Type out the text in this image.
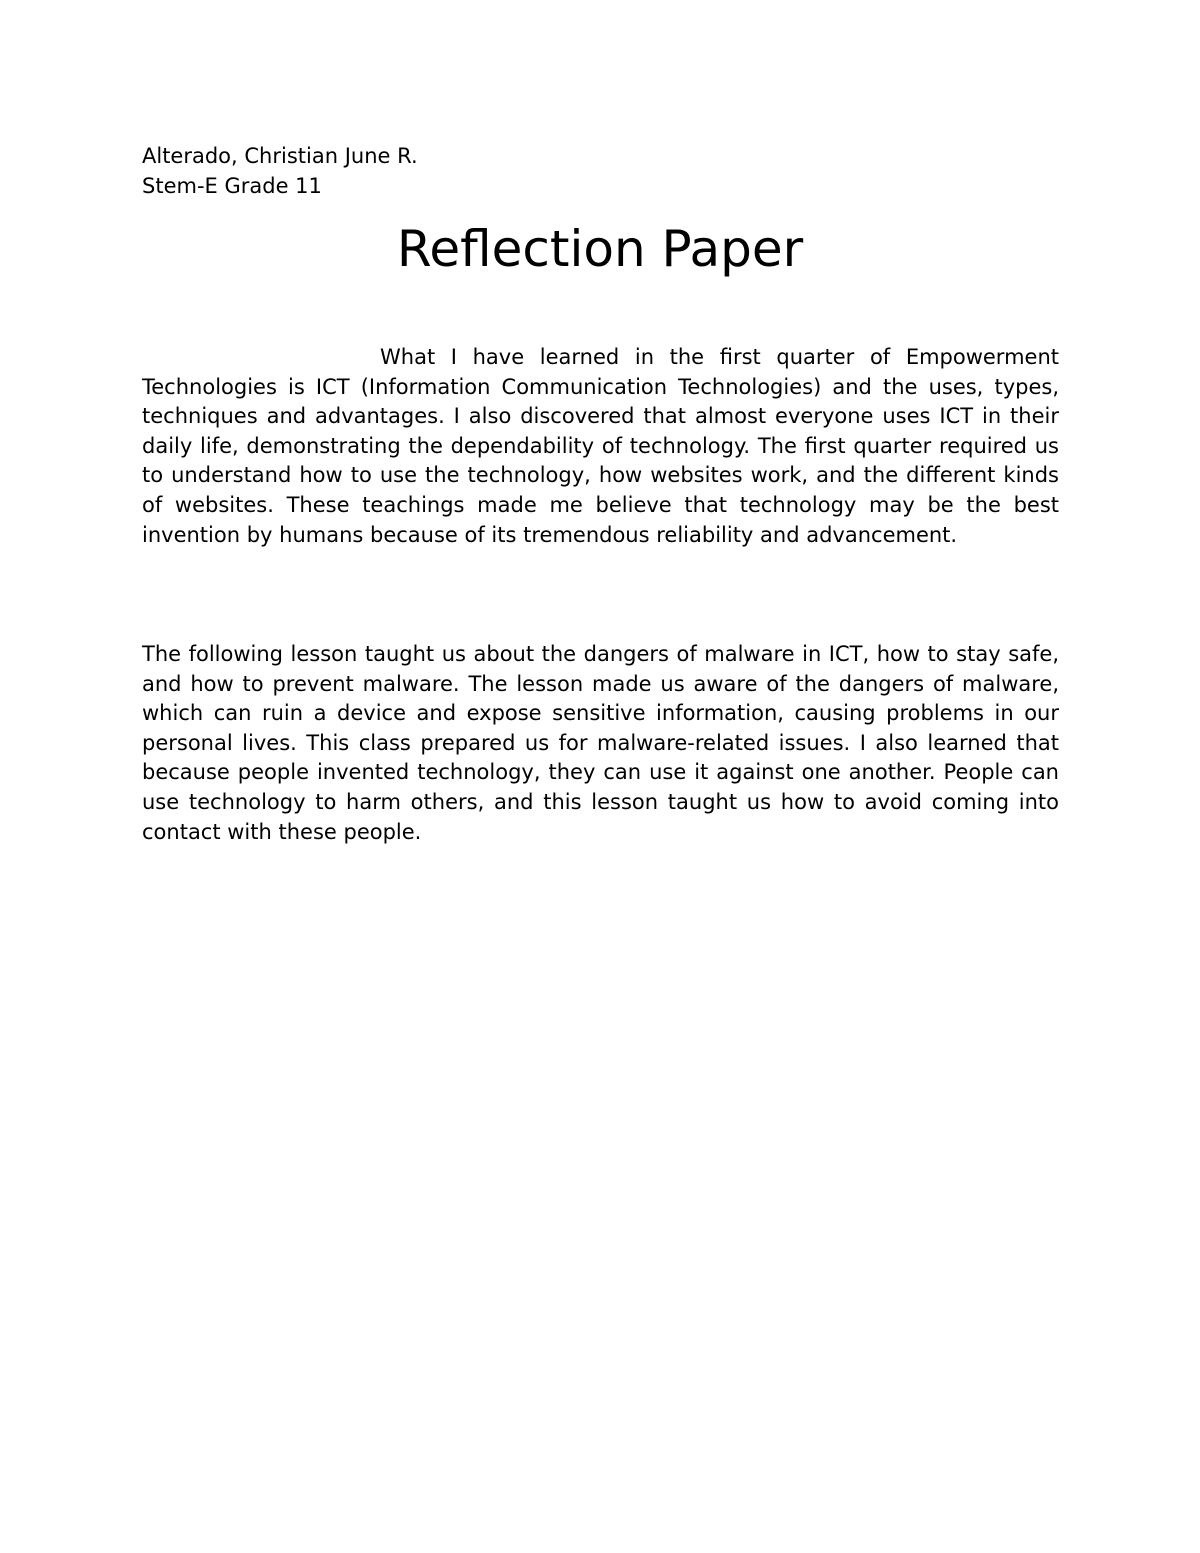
Alterado, Christian June R.
Stem-E Grade 11
Reflection Paper

What I have learned in the first quarter of Empowerment Technologies is ICT (Information Communication Technologies) and the uses, types, techniques and advantages. I also discovered that almost everyone uses ICT in their daily life, demonstrating the dependability of technology. The first quarter required us to understand how to use the technology, how websites work, and the different kinds of websites. These teachings made me believe that technology may be the best invention by humans because of its tremendous reliability and advancement.

The following lesson taught us about the dangers of malware in ICT, how to stay safe, and how to prevent malware. The lesson made us aware of the dangers of malware, which can ruin a device and expose sensitive information, causing problems in our personal lives. This class prepared us for malware-related issues. I also learned that because people invented technology, they can use it against one another. People can use technology to harm others, and this lesson taught us how to avoid coming into contact with these people.
